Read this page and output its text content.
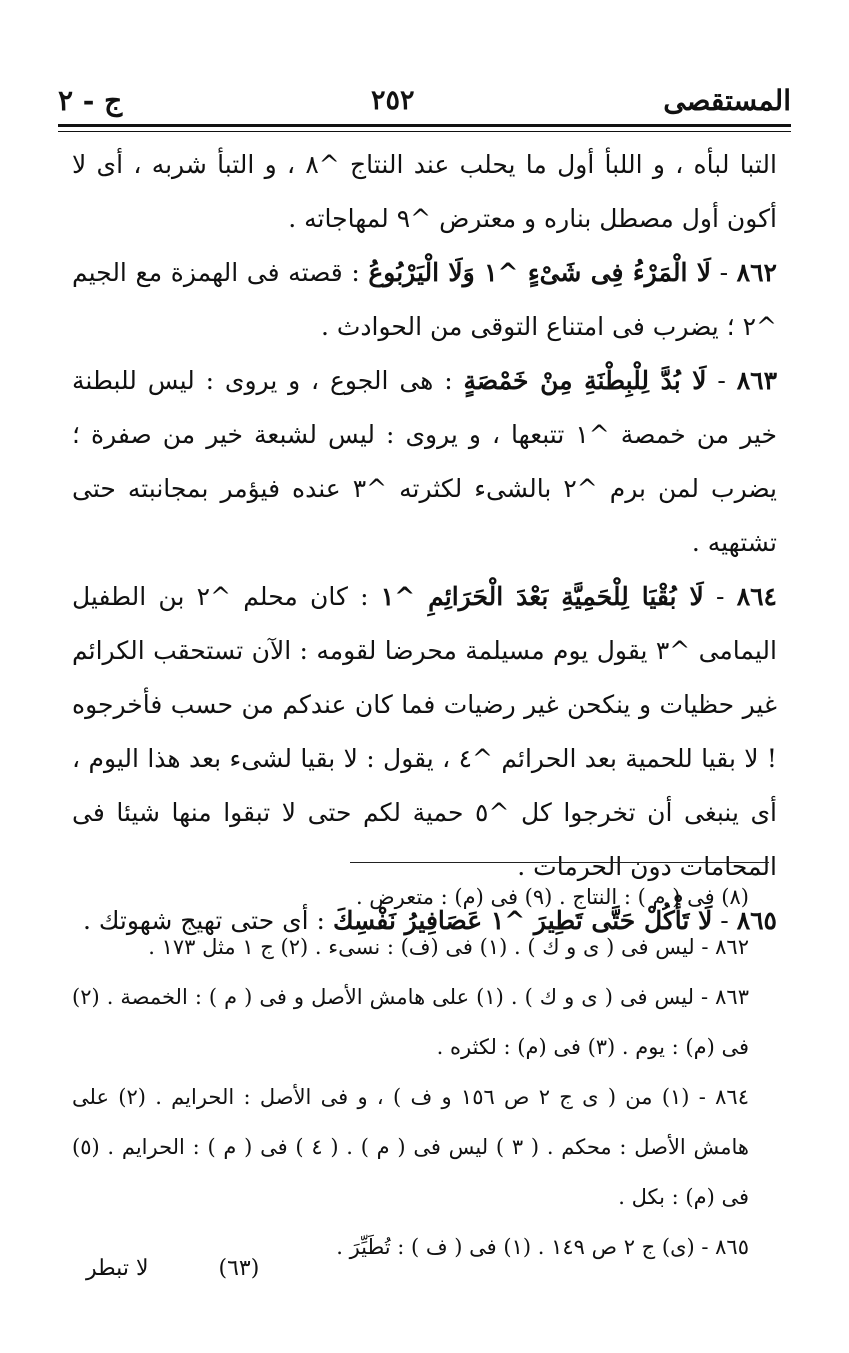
المستقصى
٢٥٢
ج - ٢

التبا لبأه ، و اللبأ أول ما يحلب عند النتاج ^٨ ، و التبأ شربه ، أى لا أكون أول مصطل بناره و معترض ^٩ لمهاجاته .

٨٦٢ - لَا الْمَرْءُ فِى شَىْءٍ ^١ وَلَا الْيَرْبُوعُ : قصته فى الهمزة مع الجيم ^٢ ؛ يضرب فى امتناع التوقى من الحوادث .

٨٦٣ - لَا بُدَّ لِلْبِطْنَةِ مِنْ خَمْصَةٍ : هى الجوع ، و يروى : ليس للبطنة خير من خمصة ^١ تتبعها ، و يروى : ليس لشبعة خير من صفرة ؛ يضرب لمن برم ^٢ بالشىء لكثرته ^٣ عنده فيؤمر بمجانبته حتى تشتهيه .

٨٦٤ - لَا بُقْيَا لِلْحَمِيَّةِ بَعْدَ الْحَرَائِمِ ^١ : كان محلم ^٢ بن الطفيل اليمامى ^٣ يقول يوم مسيلمة محرضا لقومه : الآن تستحقب الكرائم غير حظيات و ينكحن غير رضيات فما كان عندكم من حسب فأخرجوه ! لا بقيا للحمية بعد الحرائم ^٤ ، يقول : لا بقيا لشىء بعد هذا اليوم ، أى ينبغى أن تخرجوا كل ^٥ حمية لكم حتى لا تبقوا منها شيئا فى المحامات دون الحرمات .

٨٦٥ - لَا تَأْكُلْ حَتَّى تَطِيرَ ^١ عَصَافِيرُ نَفْسِكَ : أى حتى تهيج شهوتك .

(٨) فى ( م ) : النتاج . (٩) فى (م) : متعرض .

٨٦٢ - ليس فى ( ى و ك ) . (١) فى (ف) : نسىء . (٢) ج ١ مثل ١٧٣ .

٨٦٣ - ليس فى ( ى و ك ) . (١) على هامش الأصل و فى ( م ) : الخمصة . (٢) فى (م) : يوم . (٣) فى (م) : لكثره .

٨٦٤ - (١) من ( ى ج ٢ ص ١٥٦ و ف ) ، و فى الأصل : الحرايم . (٢) على هامش الأصل : محكم . ( ٣ ) ليس فى ( م ) . ( ٤ ) فى ( م ) : الحرايم . (٥) فى (م) : بكل .

٨٦٥ - (ى) ج ٢ ص ١٤٩ . (١) فى ( ف ) : تُطَيِّرَ .

(٦٣)
لا تبطر
